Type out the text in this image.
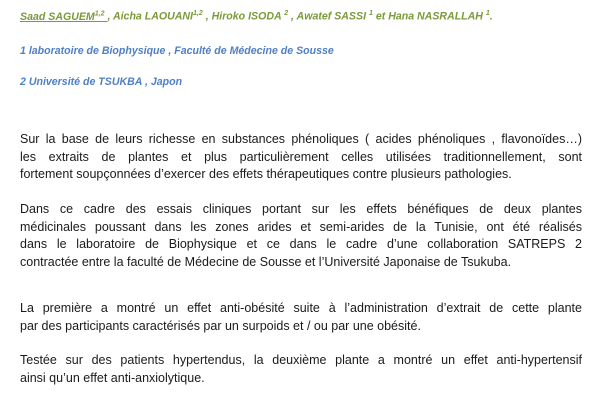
Saad SAGUEM$^{1,2}$ , Aicha LAOUANI$^{1,2}$ , Hiroko ISODA $^2$ , Awatef SASSI $^1$ et Hana NASRALLAH $^1$.
1 laboratoire de Biophysique , Faculté de Médecine de Sousse
2 Université de TSUKBA , Japon
Sur la base de leurs richesse en substances phénoliques ( acides phénoliques , flavonoïdes…)
les extraits de plantes et plus particulièrement celles utilisées traditionnellement, sont
fortement soupçonnées d’exercer des effets thérapeutiques contre plusieurs pathologies.
Dans ce cadre des essais cliniques portant sur les effets bénéfiques de deux plantes
médicinales poussant dans les zones arides et semi-arides de la Tunisie, ont été réalisés
dans le laboratoire de Biophysique et ce dans le cadre d’une collaboration SATREPS 2
contractée entre la faculté de Médecine de Sousse et l’Université Japonaise de Tsukuba.
La première a montré un effet anti-obésité suite à l’administration d’extrait de cette plante
par des participants caractérisés par un surpoids et / ou par une obésité.
Testée sur des patients hypertendus, la deuxième plante a montré un effet anti-hypertensif
ainsi qu’un effet anti-anxiolytique.
